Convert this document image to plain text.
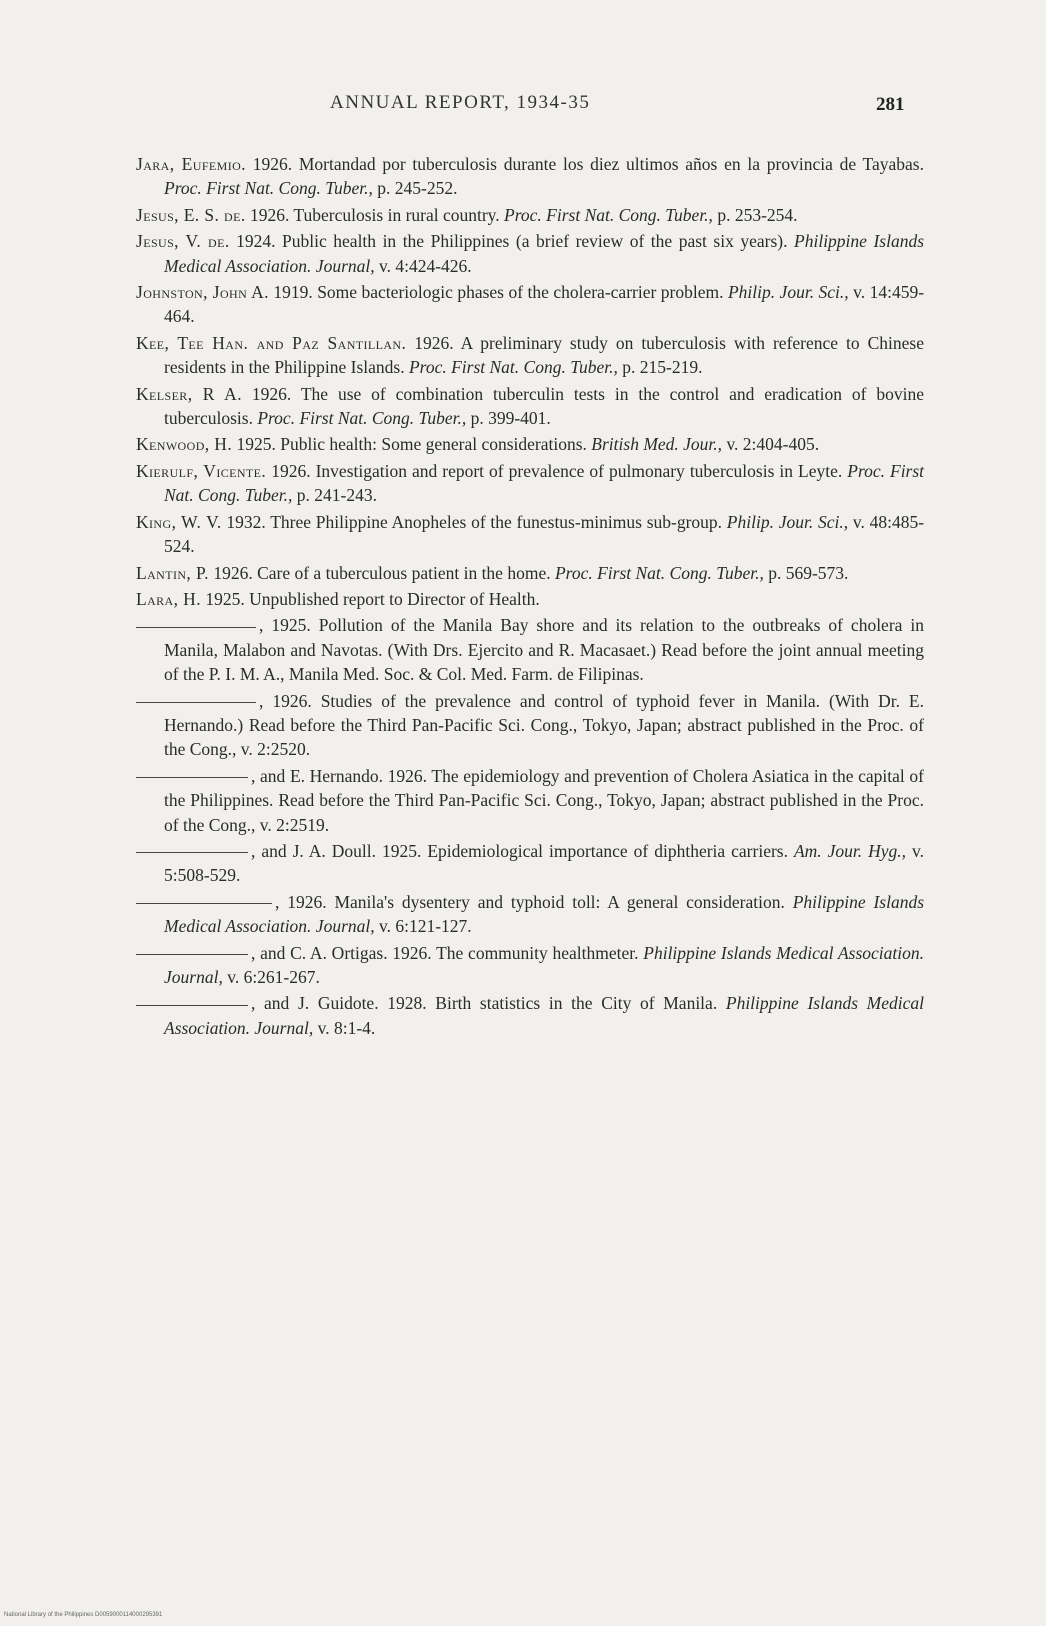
ANNUAL REPORT, 1934-35	281

Jara, Eufemio. 1926. Mortandad por tuberculosis durante los diez ultimos años en la provincia de Tayabas. Proc. First Nat. Cong. Tuber., p. 245-252.

Jesus, E. S. de. 1926. Tuberculosis in rural country. Proc. First Nat. Cong. Tuber., p. 253-254.

Jesus, V. de. 1924. Public health in the Philippines (a brief review of the past six years). Philippine Islands Medical Association. Journal, v. 4:424-426.

Johnston, John A. 1919. Some bacteriologic phases of the cholera-carrier problem. Philip. Jour. Sci., v. 14:459-464.

Kee, Tee Han. and Paz Santillan. 1926. A preliminary study on tuberculosis with reference to Chinese residents in the Philippine Islands. Proc. First Nat. Cong. Tuber., p. 215-219.

Kelser, R A. 1926. The use of combination tuberculin tests in the control and eradication of bovine tuberculosis. Proc. First Nat. Cong. Tuber., p. 399-401.

Kenwood, H. 1925. Public health: Some general considerations. British Med. Jour., v. 2:404-405.

Kierulf, Vicente. 1926. Investigation and report of prevalence of pulmonary tuberculosis in Leyte. Proc. First Nat. Cong. Tuber., p. 241-243.

King, W. V. 1932. Three Philippine Anopheles of the funestus-minimus sub-group. Philip. Jour. Sci., v. 48:485-524.

Lantin, P. 1926. Care of a tuberculous patient in the home. Proc. First Nat. Cong. Tuber., p. 569-573.

Lara, H. 1925. Unpublished report to Director of Health.

, 1925. Pollution of the Manila Bay shore and its relation to the outbreaks of cholera in Manila, Malabon and Navotas. (With Drs. Ejercito and R. Macasaet.) Read before the joint annual meeting of the P. I. M. A., Manila Med. Soc. & Col. Med. Farm. de Filipinas.

, 1926. Studies of the prevalence and control of typhoid fever in Manila. (With Dr. E. Hernando.) Read before the Third Pan-Pacific Sci. Cong., Tokyo, Japan; abstract published in the Proc. of the Cong., v. 2:2520.

, and E. Hernando. 1926. The epidemiology and prevention of Cholera Asiatica in the capital of the Philippines. Read before the Third Pan-Pacific Sci. Cong., Tokyo, Japan; abstract published in the Proc. of the Cong., v. 2:2519.

, and J. A. Doull. 1925. Epidemiological importance of diphtheria carriers. Am. Jour. Hyg., v. 5:508-529.

, 1926. Manila's dysentery and typhoid toll: A general consideration. Philippine Islands Medical Association. Journal, v. 6:121-127.

, and C. A. Ortigas. 1926. The community healthmeter. Philippine Islands Medical Association. Journal, v. 6:261-267.

, and J. Guidote. 1928. Birth statistics in the City of Manila. Philippine Islands Medical Association. Journal, v. 8:1-4.

National Library of the Philippines D0059000114000295391
